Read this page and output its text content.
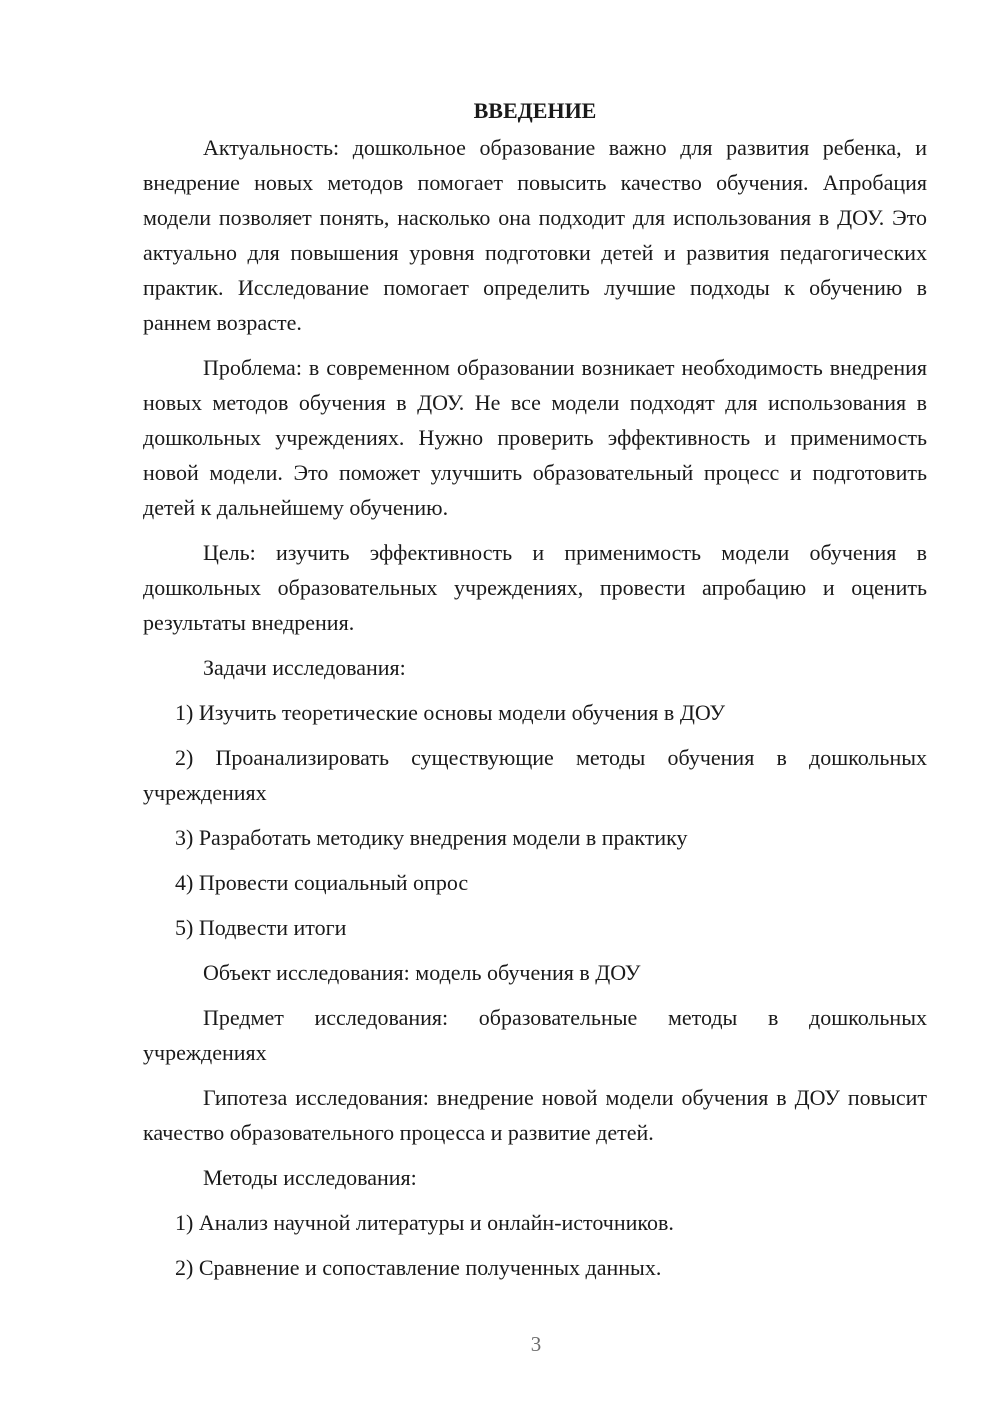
ВВЕДЕНИЕ

Актуальность: дошкольное образование важно для развития ребенка, и внедрение новых методов помогает повысить качество обучения. Апробация модели позволяет понять, насколько она подходит для использования в ДОУ. Это актуально для повышения уровня подготовки детей и развития педагогических практик. Исследование помогает определить лучшие подходы к обучению в раннем возрасте.

Проблема: в современном образовании возникает необходимость внедрения новых методов обучения в ДОУ. Не все модели подходят для использования в дошкольных учреждениях. Нужно проверить эффективность и применимость новой модели. Это поможет улучшить образовательный процесс и подготовить детей к дальнейшему обучению.

Цель: изучить эффективность и применимость модели обучения в дошкольных образовательных учреждениях, провести апробацию и оценить результаты внедрения.

Задачи исследования:

1) Изучить теоретические основы модели обучения в ДОУ

2) Проанализировать существующие методы обучения в дошкольных учреждениях

3) Разработать методику внедрения модели в практику

4) Провести социальный опрос

5) Подвести итоги

Объект исследования: модель обучения в ДОУ

Предмет исследования: образовательные методы в дошкольных учреждениях

Гипотеза исследования: внедрение новой модели обучения в ДОУ повысит качество образовательного процесса и развитие детей.

Методы исследования:

1) Анализ научной литературы и онлайн-источников.

2) Сравнение и сопоставление полученных данных.

3
